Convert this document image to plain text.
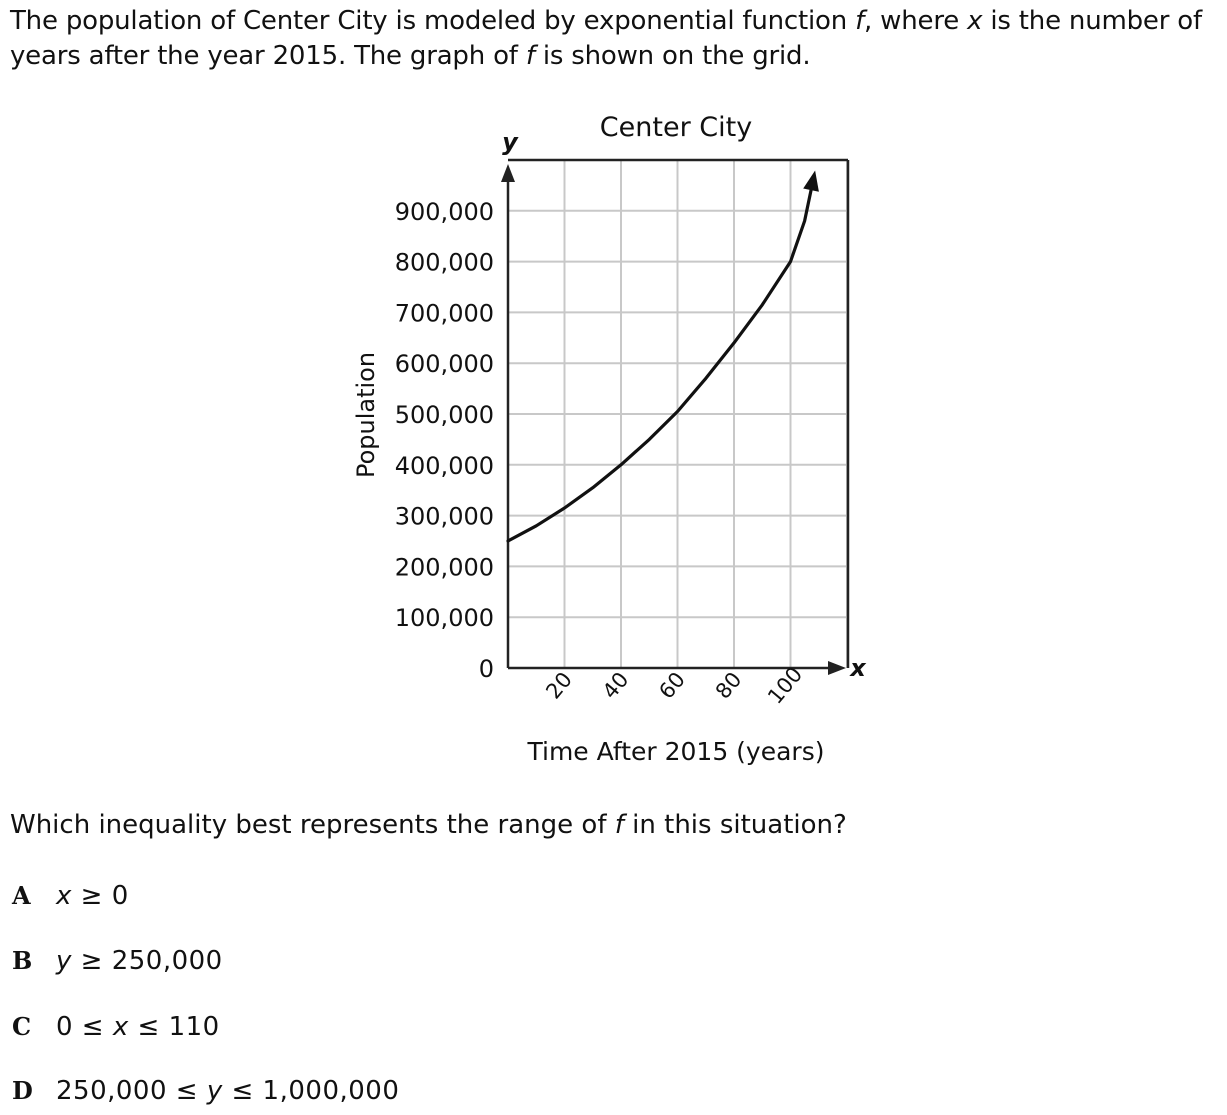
The population of Center City is modeled by exponential function f, where x is the number of

years after the year 2015. The graph of f is shown on the grid.

Center City
y
x
Population
Time After 2015 (years)
0
100,000
200,000
300,000
400,000
500,000
600,000
700,000
800,000
900,000
20 40 60 80 100
Which inequality best represents the range of f in this situation?
A x ≥ 0
B y ≥ 250,000
C 0 ≤ x ≤ 110
D 250,000 ≤ y ≤ 1,000,000
